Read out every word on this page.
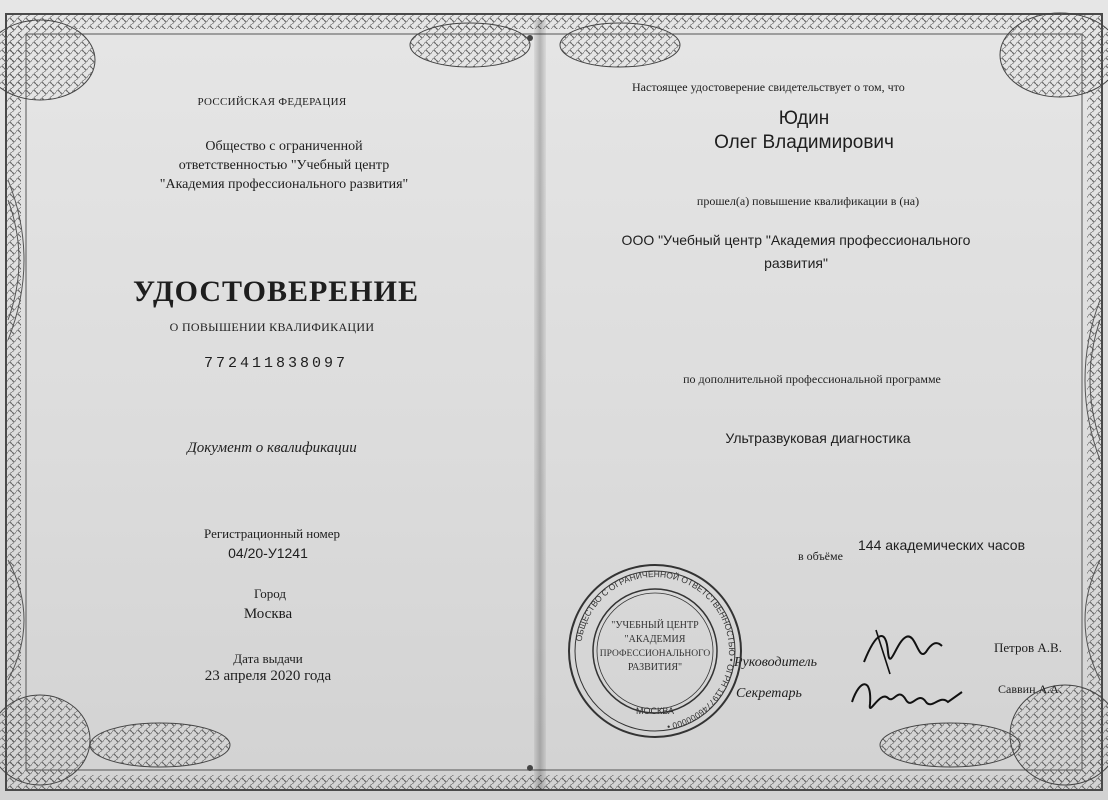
РОССИЙСКАЯ ФЕДЕРАЦИЯ
Общество с ограниченной
ответственностью "Учебный центр
"Академия профессионального развития"
УДОСТОВЕРЕНИЕ
О ПОВЫШЕНИИ КВАЛИФИКАЦИИ
772411838097
Документ о квалификации
Регистрационный номер
04/20-У1241
Город
Москва
Дата выдачи
23 апреля 2020 года
Настоящее удостоверение свидетельствует о том, что
Юдин
Олег Владимирович
прошел(а) повышение квалификации в (на)
ООО "Учебный центр "Академия профессионального
развития"
по дополнительной профессиональной программе
Ультразвуковая диагностика
в объёме
144 академических часов
Руководитель
Петров А.В.
Секретарь	Саввин А.А.
ОБЩЕСТВО С ОГРАНИЧЕННОЙ ОТВЕТСТВЕННОСТЬЮ • ОГРН 1197746000000 •
"УЧЕБНЫЙ ЦЕНТР
"АКАДЕМИЯ
ПРОФЕССИОНАЛЬНОГО
РАЗВИТИЯ"
МОСКВА
